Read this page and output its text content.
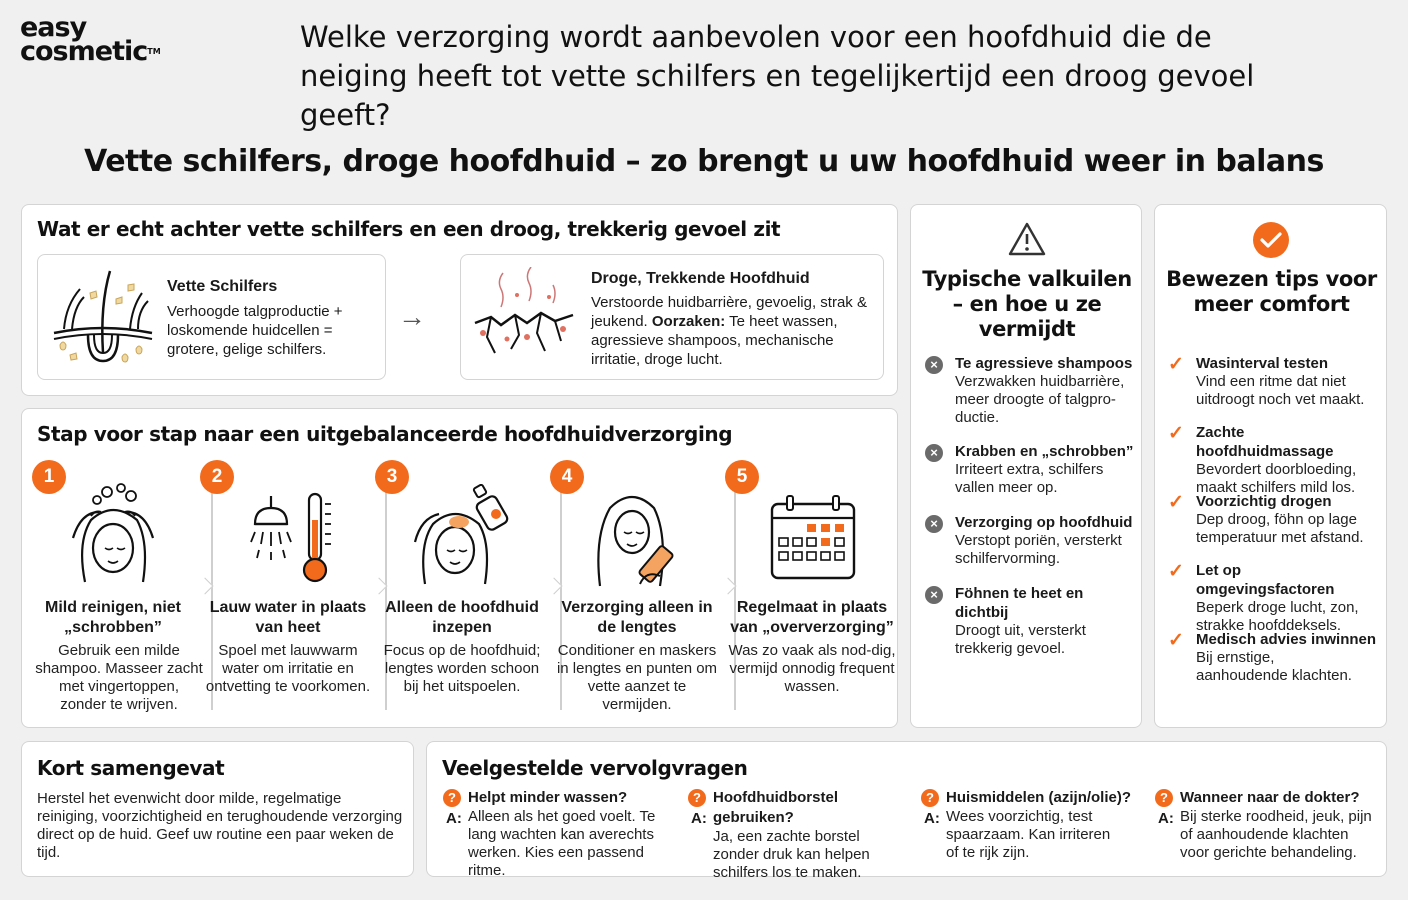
easy
cosmetic™	Welke verzorging wordt aanbevolen voor een hoofdhuid die de neiging heeft tot vette schilfers en tegelijkertijd een droog gevoel geeft?
Vette schilfers, droge hoofdhuid – zo brengt u uw hoofdhuid weer in balans
Wat er echt achter vette schilfers en een droog, trekkerig gevoel zit
Vette Schilfers
Verhoogde talgproductie + loskomende huidcellen = grotere, gelige schilfers.
→
Droge, Trekkende Hoofdhuid
Verstoorde huidbarrière, gevoelig, strak & jeukend. Oorzaken: Te heet wassen, agressieve shampoos, mechanische irritatie, droge lucht.
Stap voor stap naar een uitgebalanceerde hoofdhuidverzorging
1
Mild reinigen, niet „schrobben”
Gebruik een milde shampoo. Masseer zacht met vingertoppen, zonder te wrijven.
2
Lauw water in plaats van heet
Spoel met lauwwarm water om irritatie en ontvetting te voorkomen.
3
Alleen de hoofdhuid inzepen
Focus op de hoofdhuid; lengtes worden schoon bij het uitspoelen.
4
Verzorging alleen in de lengtes
Conditioner en maskers in lengtes en punten om vette aanzet te vermijden.
5
Regelmaat in plaats van „oververzorging”
Was zo vaak als nod-dig, vermijd onnodig frequent wassen.
Typische valkuilen – en hoe u ze vermijdt
×	Te agressieve shampoos
Verzwakken huidbarrière, meer droogte of talgpro-ductie.
×	Krabben en „schrobben”
Irriteert extra, schilfers vallen meer op.
×	Verzorging op hoofdhuid
Verstopt poriën, versterkt schilfervorming.
×	Föhnen te heet en dichtbij
Droogt uit, versterkt trekkerig gevoel.
Bewezen tips voor meer comfort
✓ Wasinterval testen
Vind een ritme dat niet uitdroogt noch vet maakt.
✓ Zachte hoofdhuidmassage
Bevordert doorbloeding, maakt schilfers mild los.
✓ Voorzichtig drogen
Dep droog, föhn op lage temperatuur met afstand.
✓ Let op omgevingsfactoren
Beperk droge lucht, zon, strakke hoofddeksels.
✓ Medisch advies inwinnen
Bij ernstige, aanhoudende klachten.
Kort samengevat
Herstel het evenwicht door milde, regelmatige reiniging, voorzichtigheid en terughoudende verzorging direct op de huid. Geef uw routine een paar weken de tijd.
Veelgestelde vervolgvragen
? Helpt minder wassen?
A: Alleen als het goed voelt. Te lang wachten kan averechts werken. Kies een passend ritme.
? Hoofdhuidborstel gebruiken?
A:
Ja, een zachte borstel zonder druk kan helpen schilfers los te maken.
? Huismiddelen (azijn/olie)?
A: Wees voorzichtig, test spaarzaam. Kan irriteren of te rijk zijn.
? Wanneer naar de dokter?
A: Bij sterke roodheid, jeuk, pijn of aanhoudende klachten voor gerichte behandeling.
